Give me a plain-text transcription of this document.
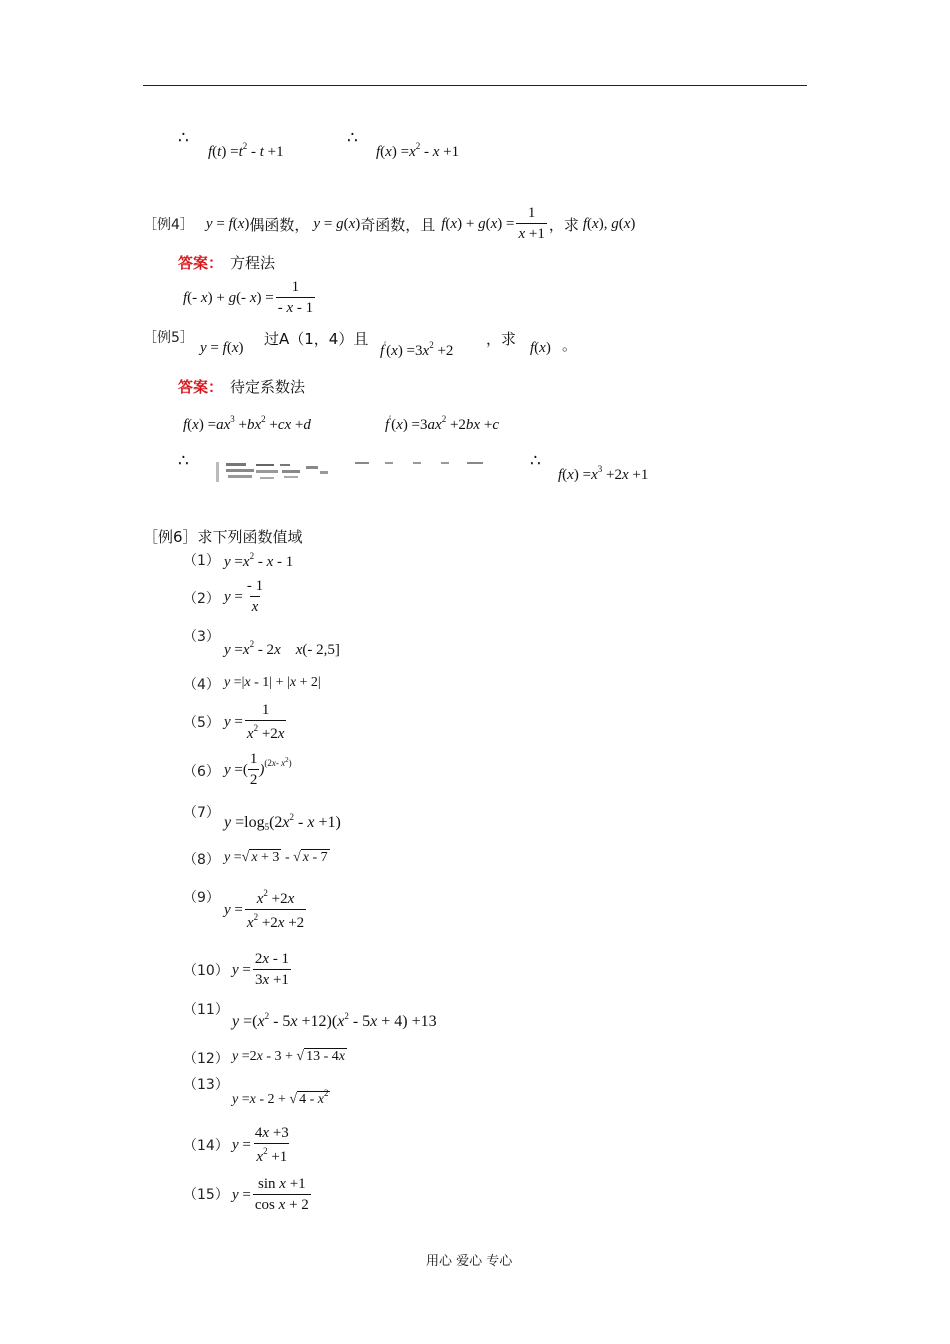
∴
$f(t) =t^2 - t +1$
∴
$f(x) =x^2 - x +1$
［例4］ y = f(x) 偶函数， y = g(x) 奇函数，且 $f(x) + g(x) = \frac{1}{x +1}$ ，求 f(x), g(x)
答案： 方程法
f(- x) + g(- $x) = \frac{1}{- x - 1}$
［例5］
y = f(x) 过A（1，4）且
$f'(x) =3x^2 +2$
，求 f(x) 。
答案： 待定系数法
$f(x) =ax^3 +bx^2 +cx +d$	$f'(x) =3ax^2 +2bx +c$
∴	∴
$f(x) =x^3 +2x +1$
［例6］求下列函数值域
（1） $y =x^2 - x - 1$
（2） $y = \frac{- 1}{x}$
（3）
$y =x^2 - 2x$    x(- 2,5]
（4） y =|x - 1| + |x + 2|
（5） $y = \frac{1}{x^2 +2x}$
（6） y =( $\frac{1}{2}$ ) (2x- $x^2$)
（7）
$y =\log_5(2x^2 - x +1)$
（8） y =√ x + 3 - √ x - 7
（9）
$y = \frac{x^2 +2x}{x^2 +2x +2}$
（10） $y = \frac{2x - 1}{3x +1}$
（11）
$y =(x^2 - 5x +12)(x^2 - 5x + 4) +13$
（12） y =2x - 3 + √ 13 - 4x
（13）
y =x - 2 + √ $4 - x^2$
（14） $y = \frac{4x +3}{x^2 +1}$
（15） $y = \frac{\text{sin x +1}}{\text{cos x + 2}}$
用心 爱心 专心
